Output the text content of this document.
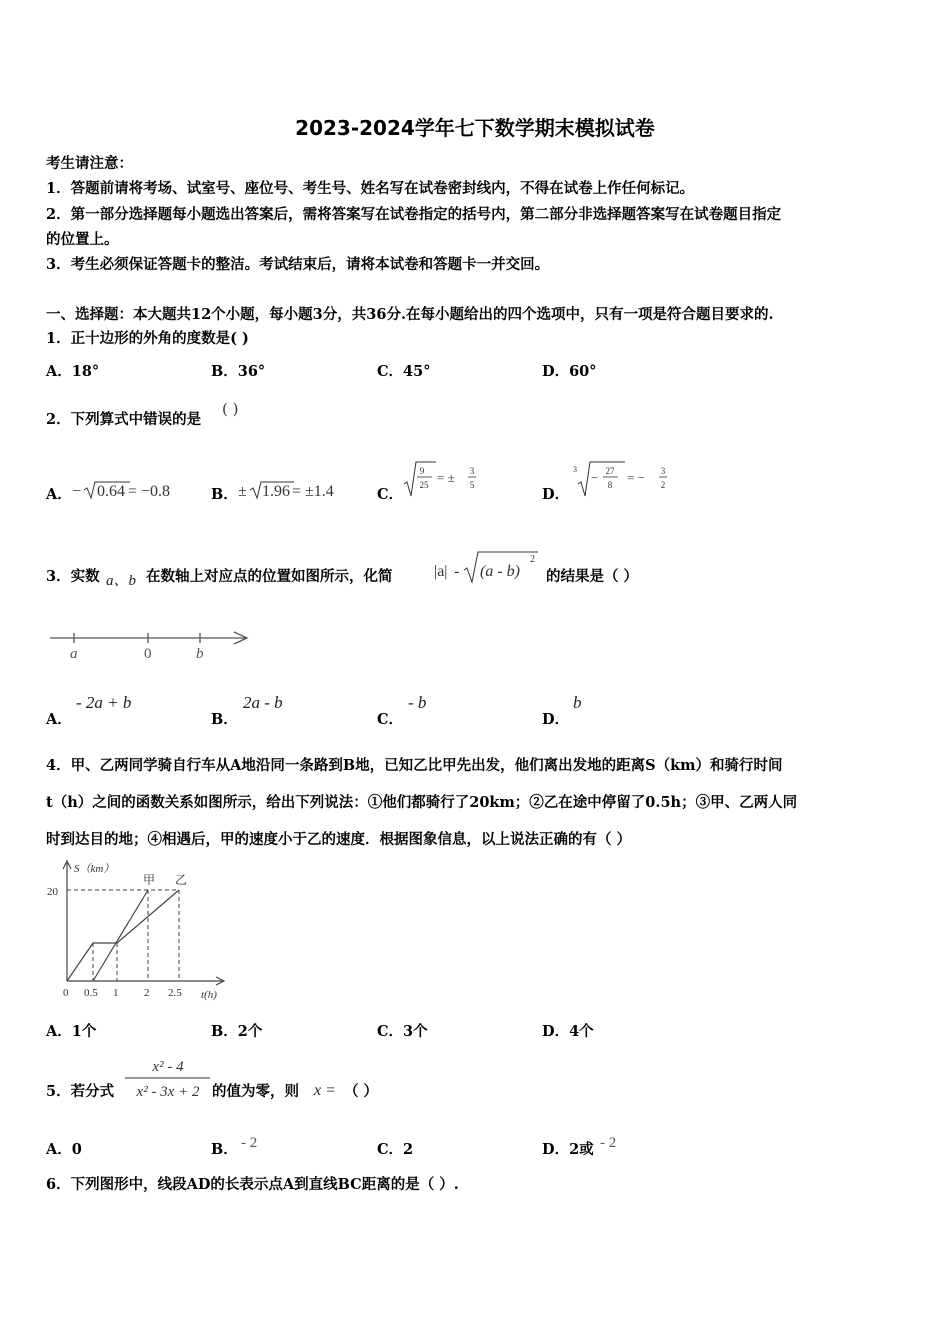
2023-2024学年七下数学期末模拟试卷
考生请注意：
1．答题前请将考场、试室号、座位号、考生号、姓名写在试卷密封线内，不得在试卷上作任何标记。
2．第一部分选择题每小题选出答案后，需将答案写在试卷指定的括号内，第二部分非选择题答案写在试卷题目指定
的位置上。
3．考生必须保证答题卡的整洁。考试结束后，请将本试卷和答题卡一并交回。
一、选择题：本大题共12个小题，每小题3分，共36分.在每小题给出的四个选项中，只有一项是符合题目要求的.
1．正十边形的外角的度数是( )
A．18°	B．36°	C．45°	D．60°
2．下列算式中错误的是
( )
A． − 0.64 = −0.8	B． ± 1.96 = ±1.4	C．
9
25 = ± 3
5
D．
3
− 27
8 = − 3
2
3．实数 a、b 在数轴上对应点的位置如图所示，化简	|a| - (a - b)
2
的结果是（ ）
a	0	b
A．
- 2a + b
B．
2a - b
C．
- b
D．
b
4．甲、乙两同学骑自行车从A地沿同一条路到B地，已知乙比甲先出发，他们离出发地的距离S（km）和骑行时间
t（h）之间的函数关系如图所示，给出下列说法：①他们都骑行了20km；②乙在途中停留了0.5h；③甲、乙两人同
时到达目的地；④相遇后，甲的速度小于乙的速度．根据图象信息，以上说法正确的有（ ）
S（km）
20
0 0.5 1 2 2.5 t(h)
甲 乙
A．1个	B．2个	C．3个	D．4个
5．若分式
x² - 4
x² - 3x + 2 的值为零，则 x = （ ）
A．0	B． - 2	C．2	D．2或 - 2
6．下列图形中，线段AD的长表示点A到直线BC距离的是（ ）.
